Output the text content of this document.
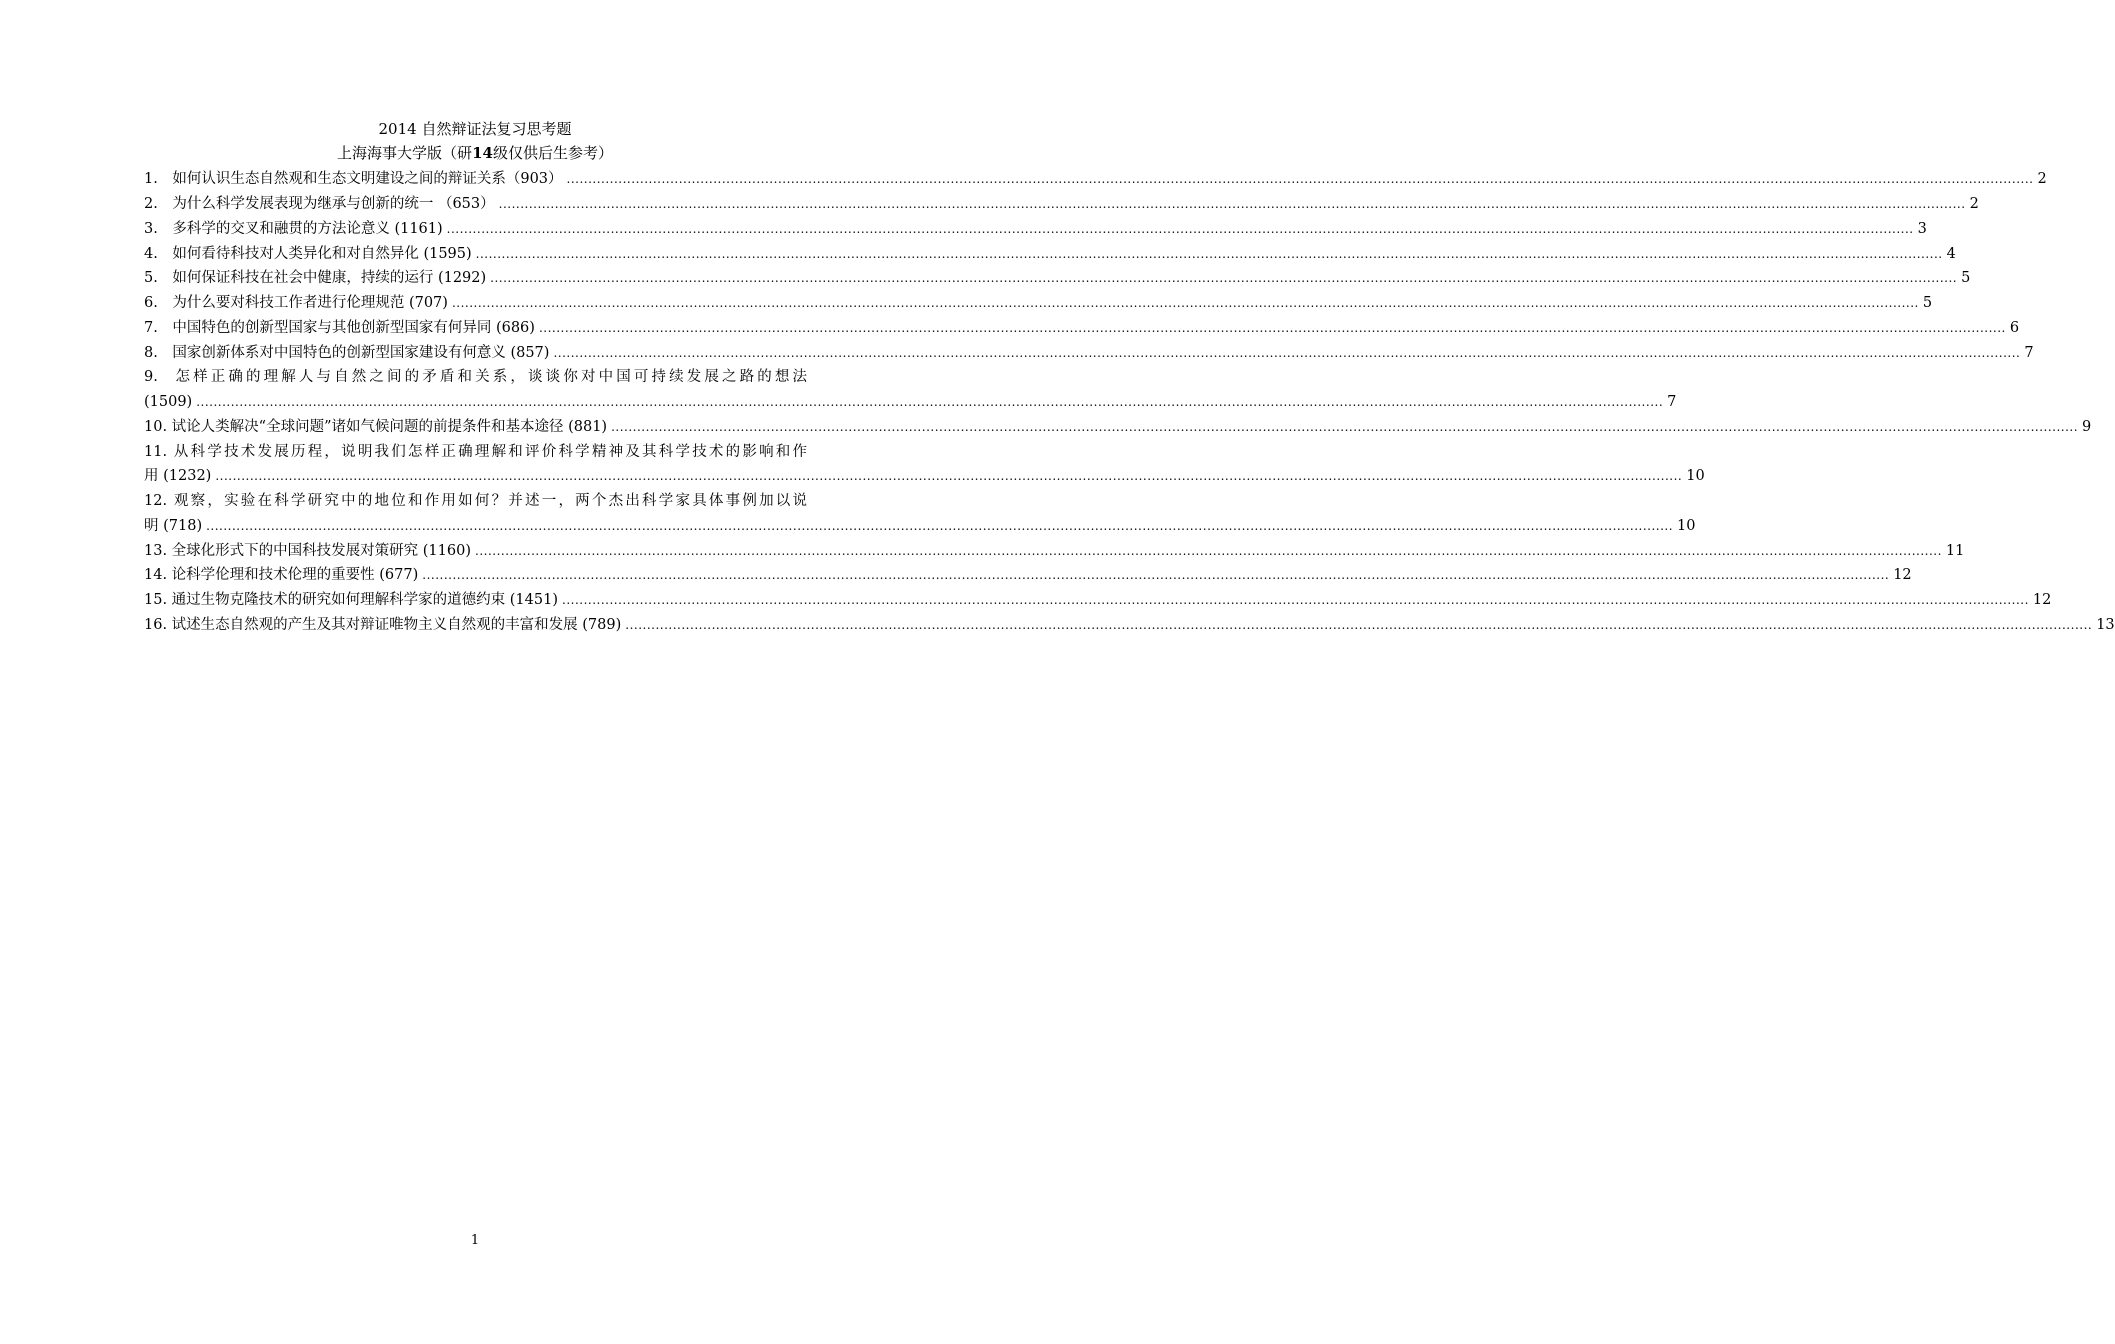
2014 自然辩证法复习思考题
上海海事大学版（研14级仅供后生参考）
1.  如何认识生态自然观和生态文明建设之间的辩证关系（903） .....	2
2.  为什么科学发展表现为继承与创新的统一 （653） .....	2
3.  多科学的交叉和融贯的方法论意义 (1161) .....	3
4.  如何看待科技对人类异化和对自然异化 (1595) .....	4
5.  如何保证科技在社会中健康，持续的运行 (1292) .....	5
6.  为什么要对科技工作者进行伦理规范 (707) .....	5
7.  中国特色的创新型国家与其他创新型国家有何异同 (686) .....	6
8.  国家创新体系对中国特色的创新型国家建设有何意义 (857) .....	7
9.  怎样正确的理解人与自然之间的矛盾和关系，谈谈你对中国可持续发展之路的想法
(1509) .....	7
10. 试论人类解决“全球问题”诸如气候问题的前提条件和基本途径 (881) .....	9
11. 从科学技术发展历程，说明我们怎样正确理解和评价科学精神及其科学技术的影响和作
用 (1232) .....	10
12. 观察，实验在科学研究中的地位和作用如何？并述一，两个杰出科学家具体事例加以说
明 (718) .....	10
13. 全球化形式下的中国科技发展对策研究 (1160) .....	11
14. 论科学伦理和技术伦理的重要性 (677) .....	12
15. 通过生物克隆技术的研究如何理解科学家的道德约束 (1451) .....	12
16. 试述生态自然观的产生及其对辩证唯物主义自然观的丰富和发展 (789) .....	13
1
